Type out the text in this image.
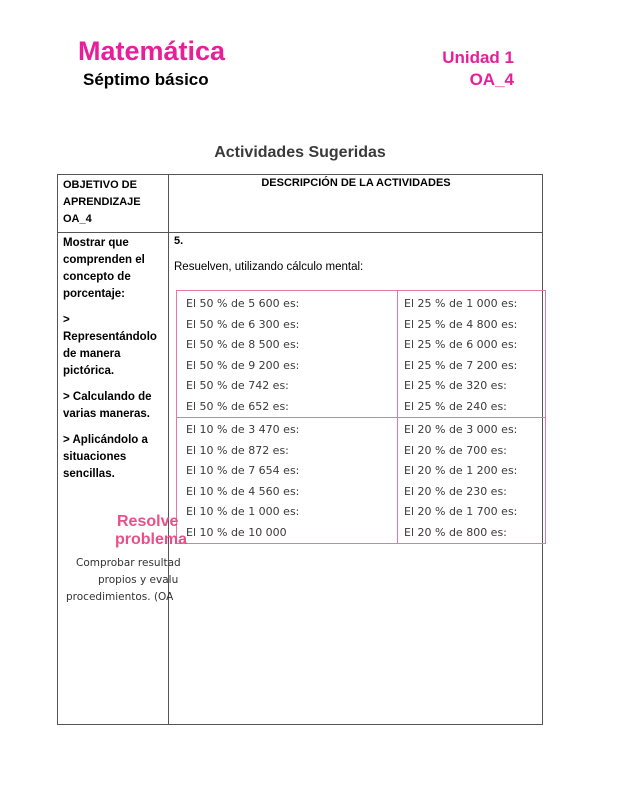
Matemática
Séptimo básico
Unidad 1
OA_4
Actividades Sugeridas
OBJETIVO DE
APRENDIZAJE
OA_4
DESCRIPCIÓN DE LA ACTIVIDADES

Mostrar que comprenden el concepto de porcentaje:

> Representándolo de manera pictórica.

> Calculando de varias maneras.

> Aplicándolo a situaciones sencillas.

5.
Resuelven, utilizando cálculo mental:
El 50 % de 5 600 es:
El 50 % de 6 300 es:
El 50 % de 8 500 es:
El 50 % de 9 200 es:
El 50 % de 742 es:
El 50 % de 652 es:
El 25 % de 1 000 es:
El 25 % de 4 800 es:
El 25 % de 6 000 es:
El 25 % de 7 200 es:
El 25 % de 320 es:
El 25 % de 240 es:
El 10 % de 3 470 es:
El 10 % de 872 es:
El 10 % de 7 654 es:
El 10 % de 4 560 es:
El 10 % de 1 000 es:
El 10 % de 10 000
El 20 % de 3 000 es:
El 20 % de 700 es:
El 20 % de 1 200 es:
El 20 % de 230 es:
El 20 % de 1 700 es:
El 20 % de 800 es:
Resolve
problema
Comprobar resultad
propios y evalu
procedimientos. (OA
